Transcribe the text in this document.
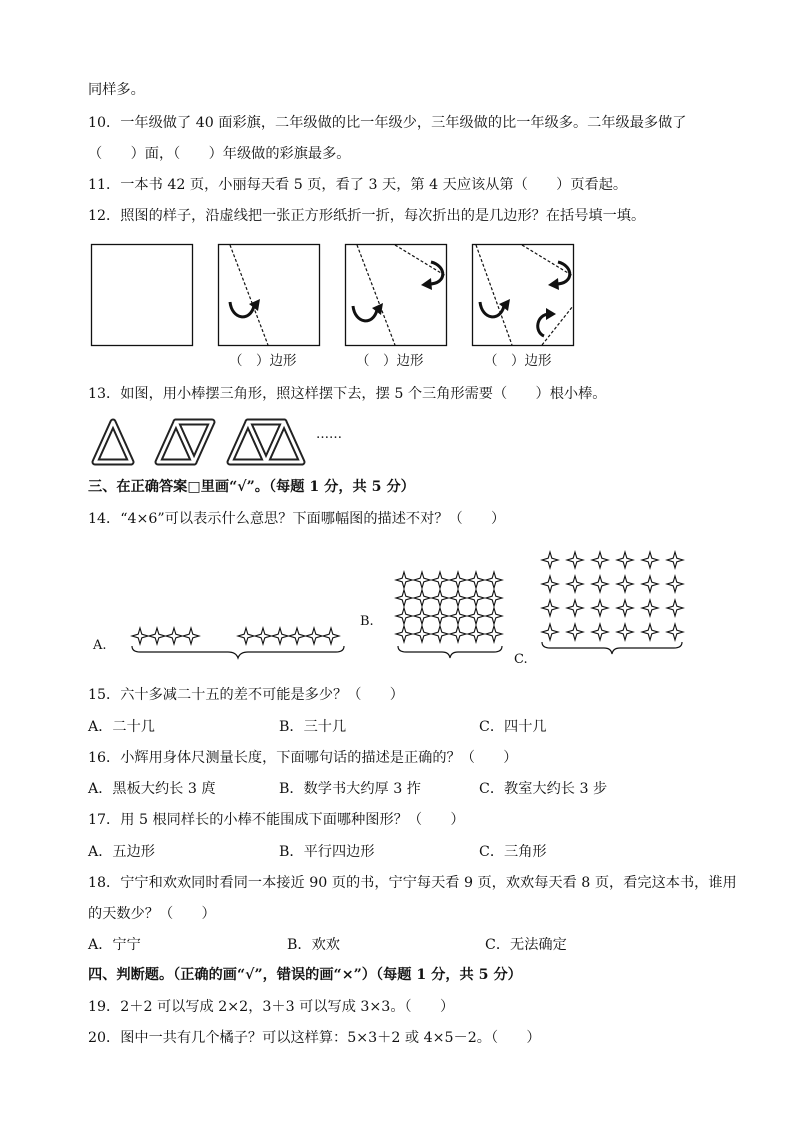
同样多。
10．一年级做了 40 面彩旗，二年级做的比一年级少，三年级做的比一年级多。二年级最多做了
（　　）面，（　　）年级做的彩旗最多。
11．一本书 42 页，小丽每天看 5 页，看了 3 天，第 4 天应该从第（　　）页看起。
12．照图的样子，沿虚线把一张正方形纸折一折，每次折出的是几边形？在括号填一填。
（　）边形	（　）边形	（　）边形
13．如图，用小棒摆三角形，照这样摆下去，摆 5 个三角形需要（　　）根小棒。
……
三、在正确答案□里画“√”。（每题 1 分，共 5 分）
14．“4×6”可以表示什么意思？下面哪幅图的描述不对？（　　）
A.
B.
C.
15．六十多减二十五的差不可能是多少？（　　）
A．二十几	B．三十几	C．四十几
16．小辉用身体尺测量长度，下面哪句话的描述是正确的？（　　）
A．黑板大约长 3 庹	B．数学书大约厚 3 拃	C．教室大约长 3 步
17．用 5 根同样长的小棒不能围成下面哪种图形？（　　）
A．五边形	B．平行四边形	C．三角形
18．宁宁和欢欢同时看同一本接近 90 页的书，宁宁每天看 9 页，欢欢每天看 8 页，看完这本书，谁用
的天数少？（　　）
A．宁宁	B．欢欢	C．无法确定
四、判断题。（正确的画“√”，错误的画“×”）（每题 1 分，共 5 分）
19．2＋2 可以写成 2×2，3＋3 可以写成 3×3。（　　）
20．图中一共有几个橘子？可以这样算：5×3＋2 或 4×5－2。（　　）
